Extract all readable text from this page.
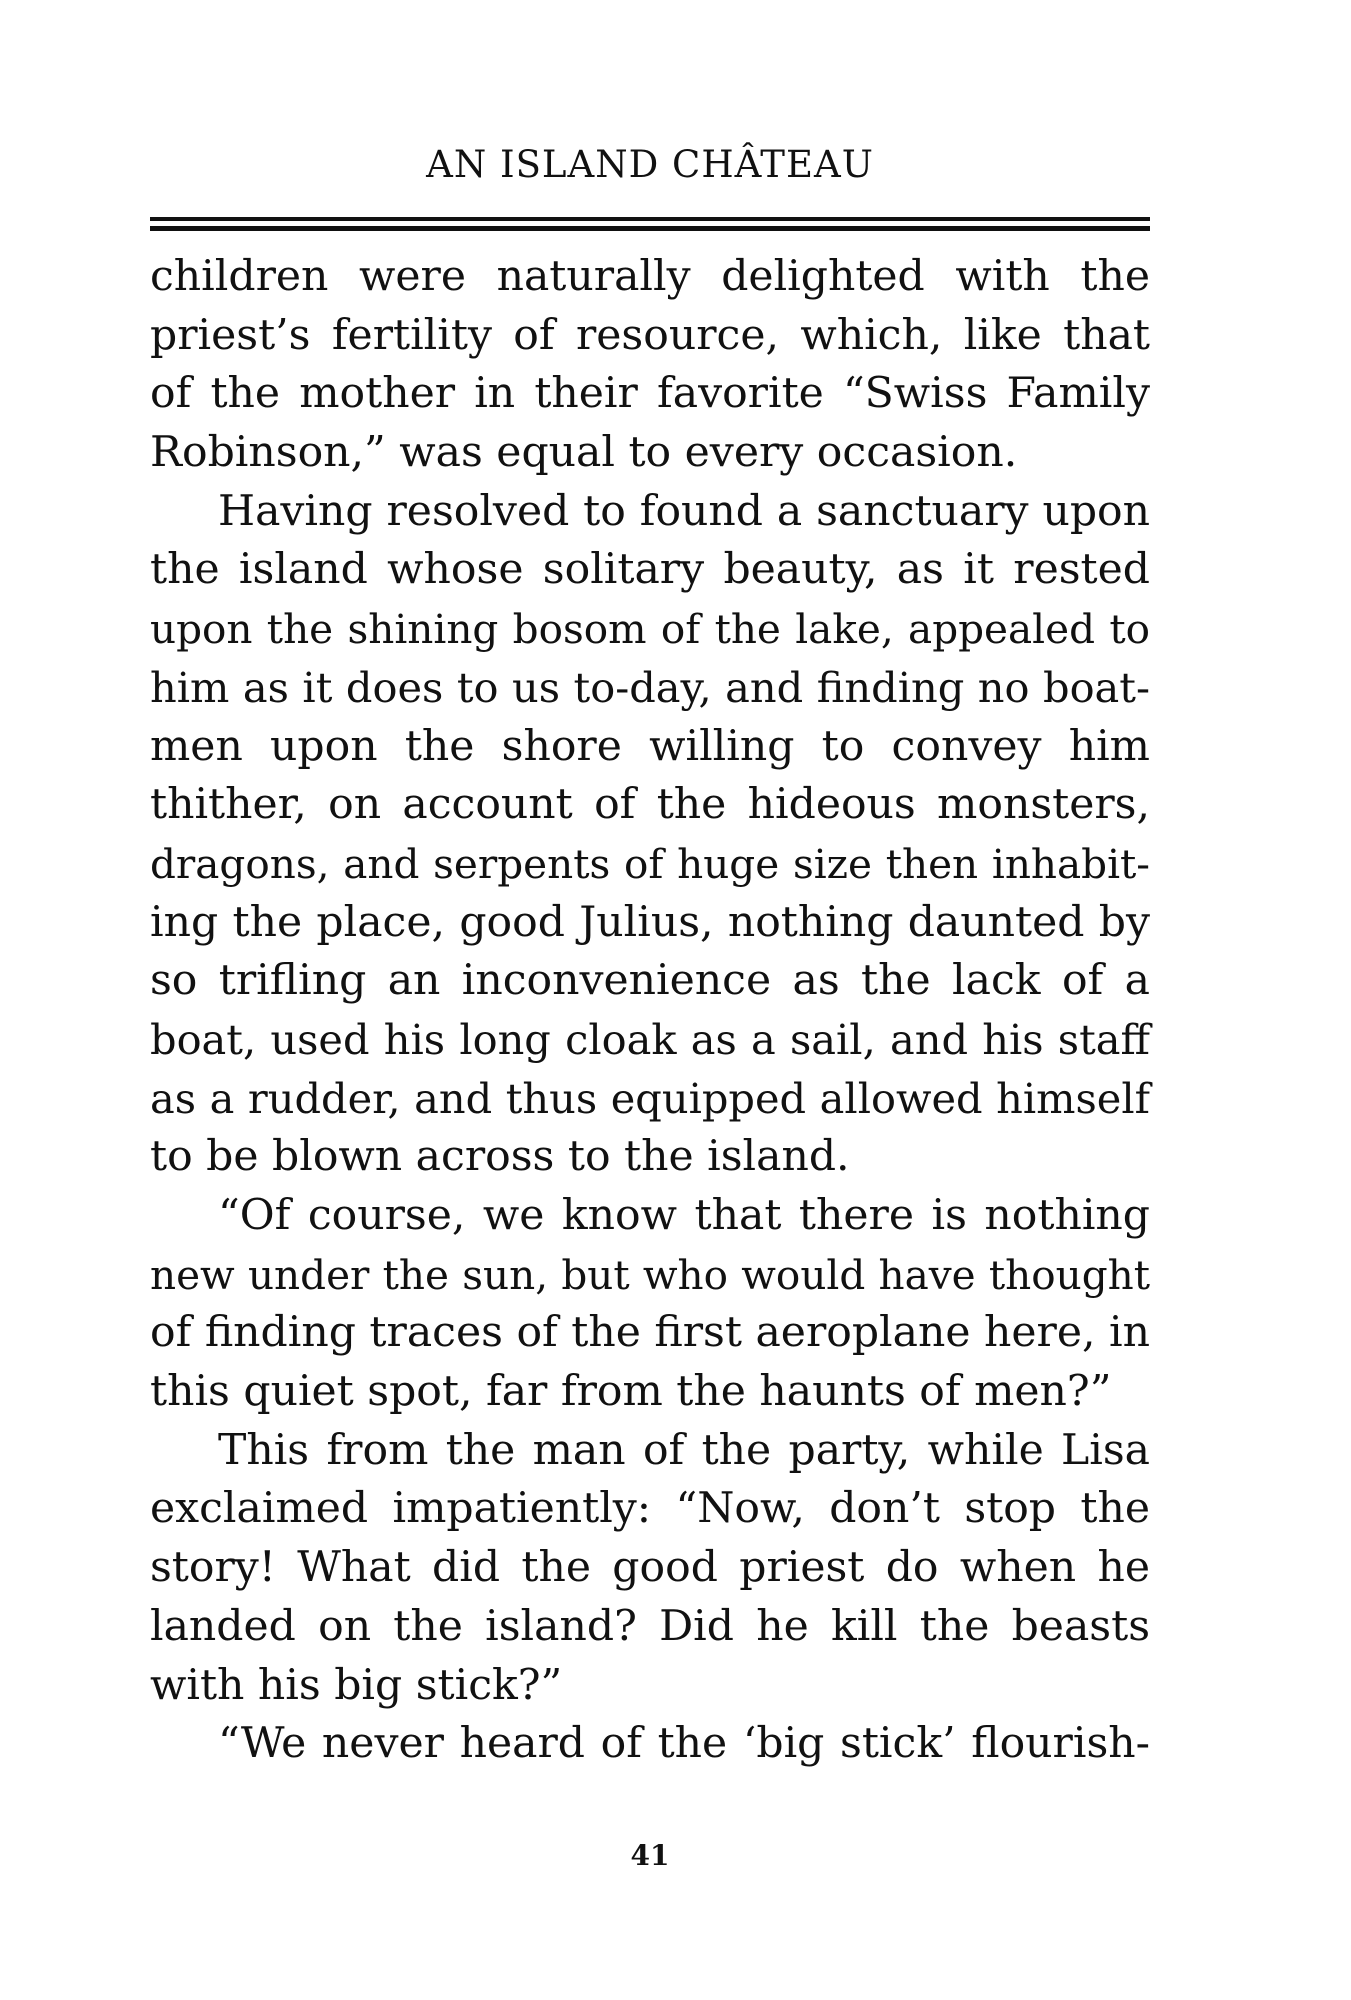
AN ISLAND CHÂTEAU
children were naturally delighted with the
priest’s fertility of resource, which, like that
of the mother in their favorite “Swiss Family
Robinson,” was equal to every occasion.
Having resolved to found a sanctuary upon
the island whose solitary beauty, as it rested
upon the shining bosom of the lake, appealed to
him as it does to us to-day, and finding no boat-
men upon the shore willing to convey him
thither, on account of the hideous monsters,
dragons, and serpents of huge size then inhabit-
ing the place, good Julius, nothing daunted by
so trifling an inconvenience as the lack of a
boat, used his long cloak as a sail, and his staff
as a rudder, and thus equipped allowed himself
to be blown across to the island.
“Of course, we know that there is nothing
new under the sun, but who would have thought
of finding traces of the first aeroplane here, in
this quiet spot, far from the haunts of men?”
This from the man of the party, while Lisa
exclaimed impatiently: “Now, don’t stop the
story! What did the good priest do when he
landed on the island? Did he kill the beasts
with his big stick?”
“We never heard of the ‘big stick’ flourish-
41
